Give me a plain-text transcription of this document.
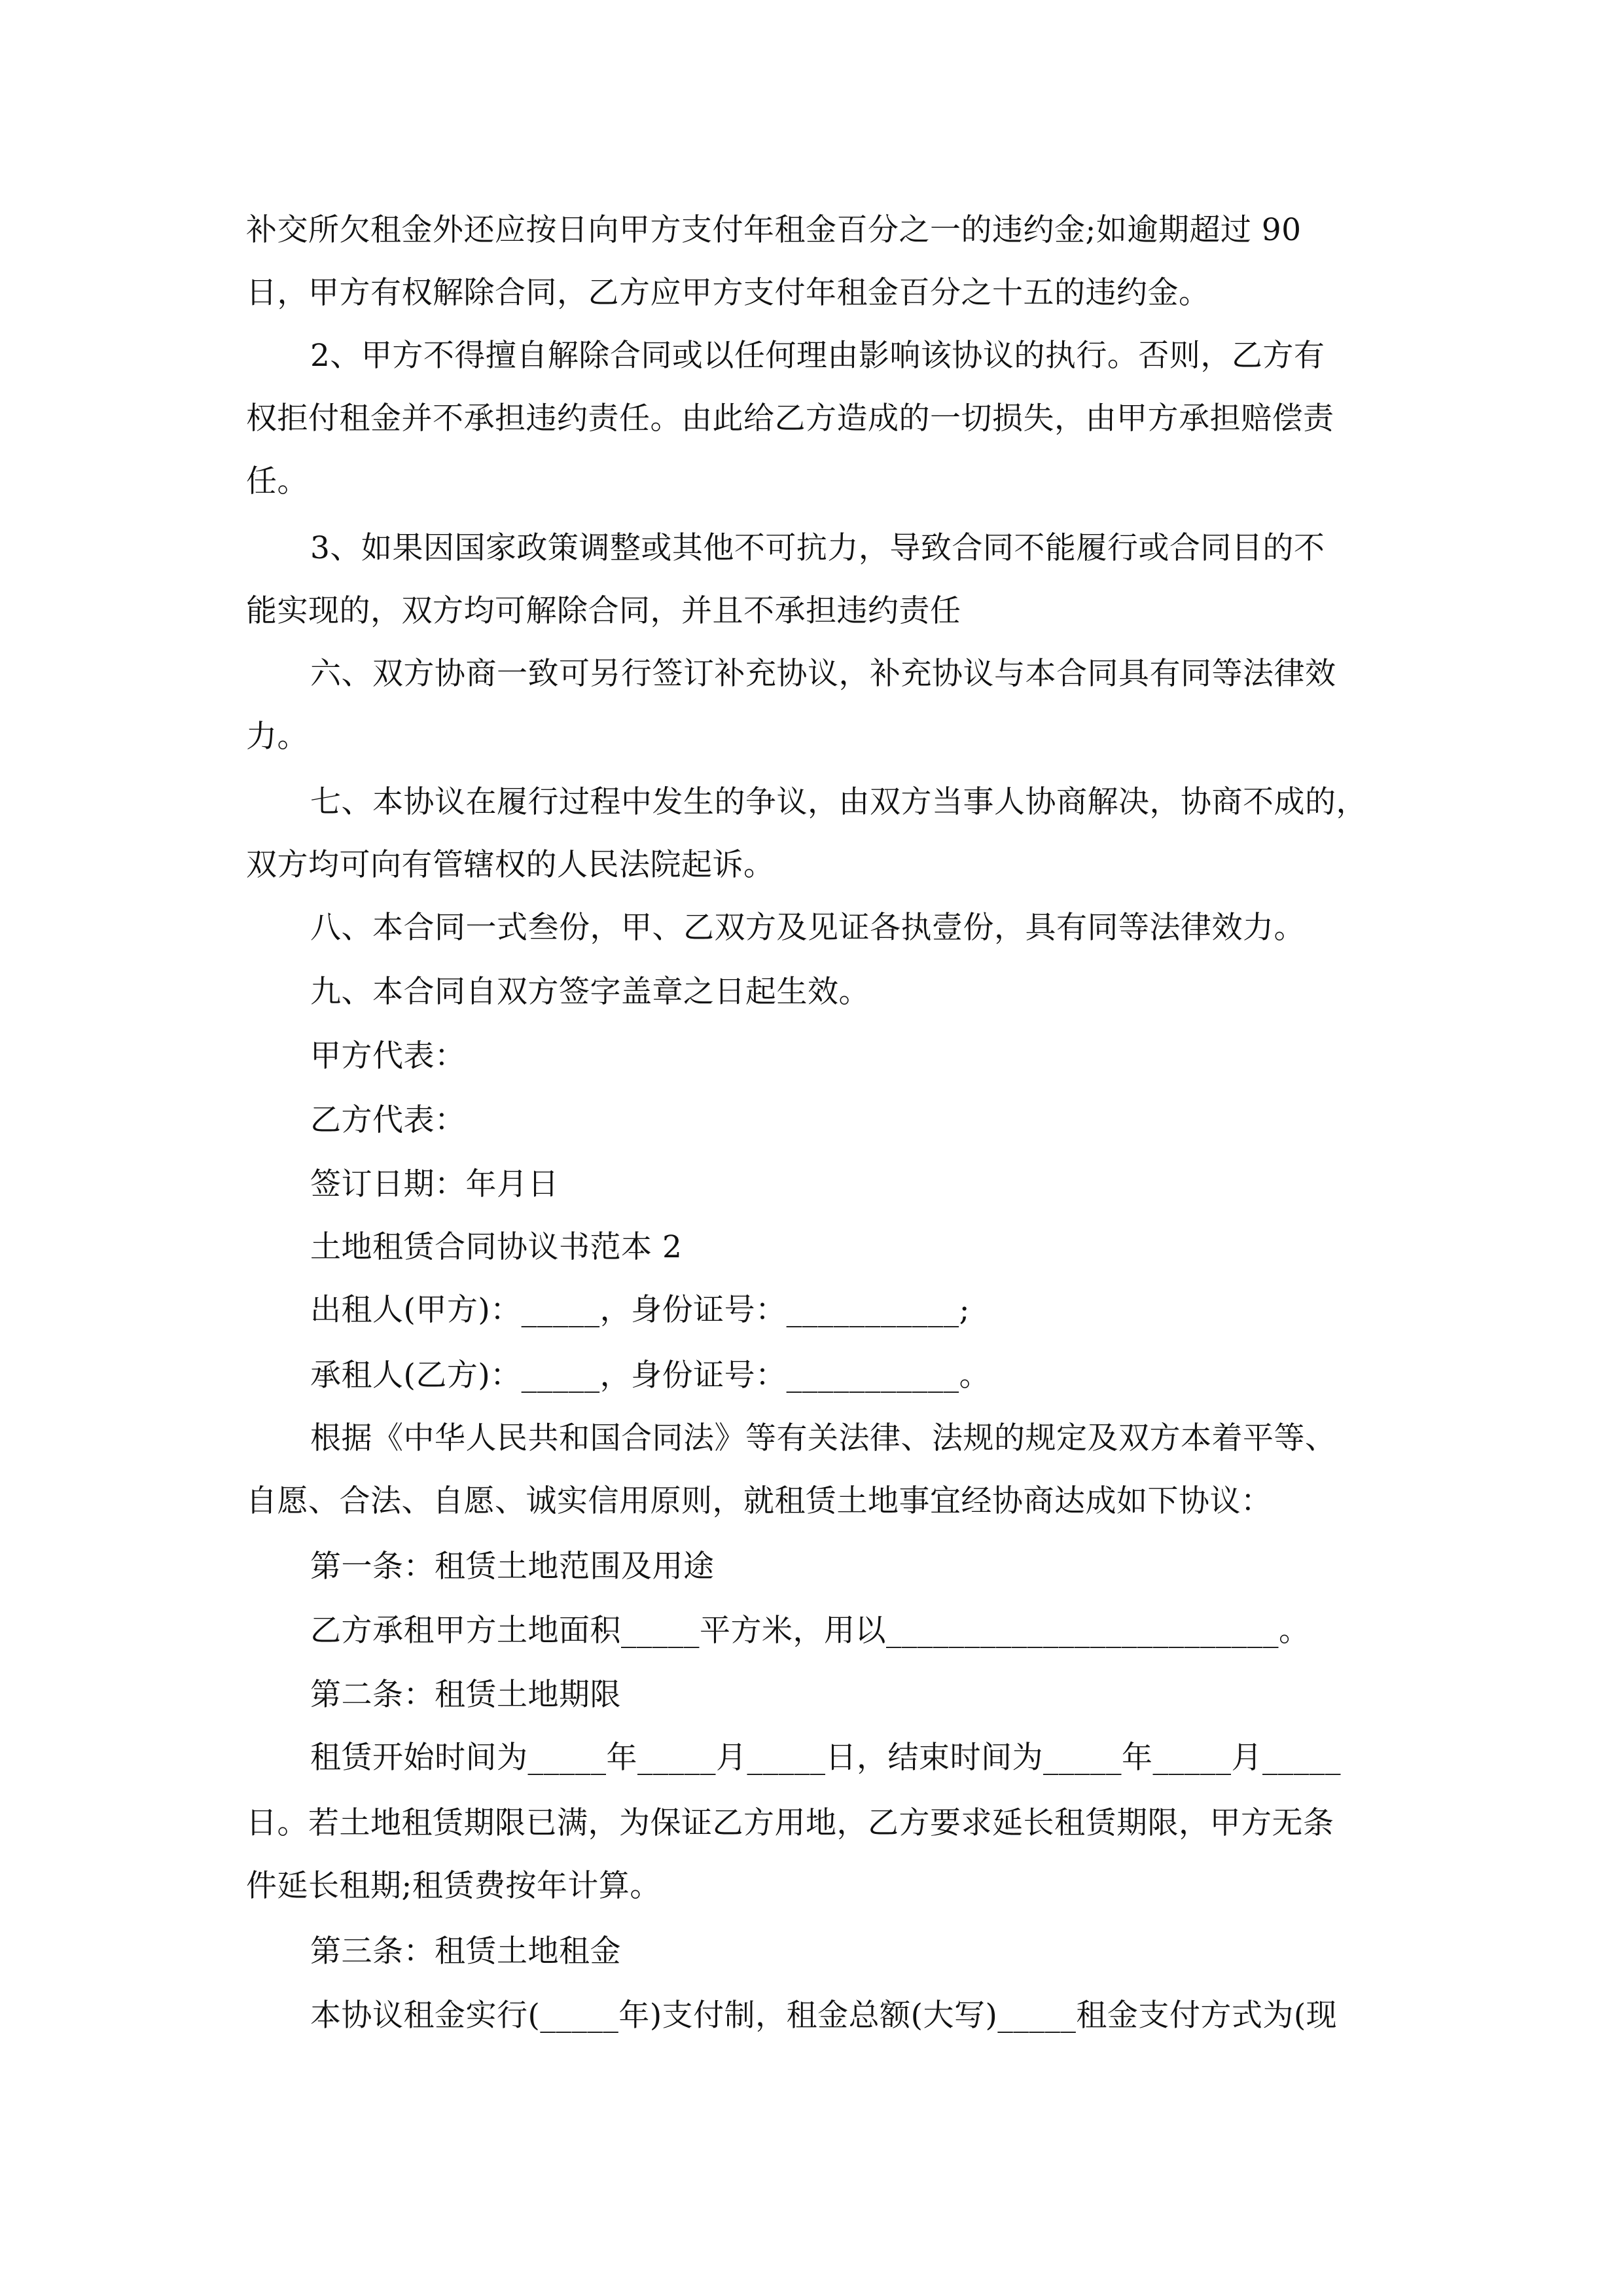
补交所欠租金外还应按日向甲方支付年租金百分之一的违约金;如逾期超过 90
日，甲方有权解除合同，乙方应甲方支付年租金百分之十五的违约金。
2、甲方不得擅自解除合同或以任何理由影响该协议的执行。否则，乙方有
权拒付租金并不承担违约责任。由此给乙方造成的一切损失，由甲方承担赔偿责
任。
3、如果因国家政策调整或其他不可抗力，导致合同不能履行或合同目的不
能实现的，双方均可解除合同，并且不承担违约责任
六、双方协商一致可另行签订补充协议，补充协议与本合同具有同等法律效
力。
七、本协议在履行过程中发生的争议，由双方当事人协商解决，协商不成的，
双方均可向有管辖权的人民法院起诉。
八、本合同一式叁份，甲、乙双方及见证各执壹份，具有同等法律效力。
九、本合同自双方签字盖章之日起生效。
甲方代表：
乙方代表：
签订日期：年月日
土地租赁合同协议书范本 2
出租人(甲方)：_____，身份证号：___________;
承租人(乙方)：_____，身份证号：___________。
根据《中华人民共和国合同法》等有关法律、法规的规定及双方本着平等、
自愿、合法、自愿、诚实信用原则，就租赁土地事宜经协商达成如下协议：
第一条：租赁土地范围及用途
乙方承租甲方土地面积_____平方米，用以_________________________。
第二条：租赁土地期限
租赁开始时间为_____年_____月_____日，结束时间为_____年_____月_____
日。若土地租赁期限已满，为保证乙方用地，乙方要求延长租赁期限，甲方无条
件延长租期;租赁费按年计算。
第三条：租赁土地租金
本协议租金实行(_____年)支付制，租金总额(大写)_____租金支付方式为(现
